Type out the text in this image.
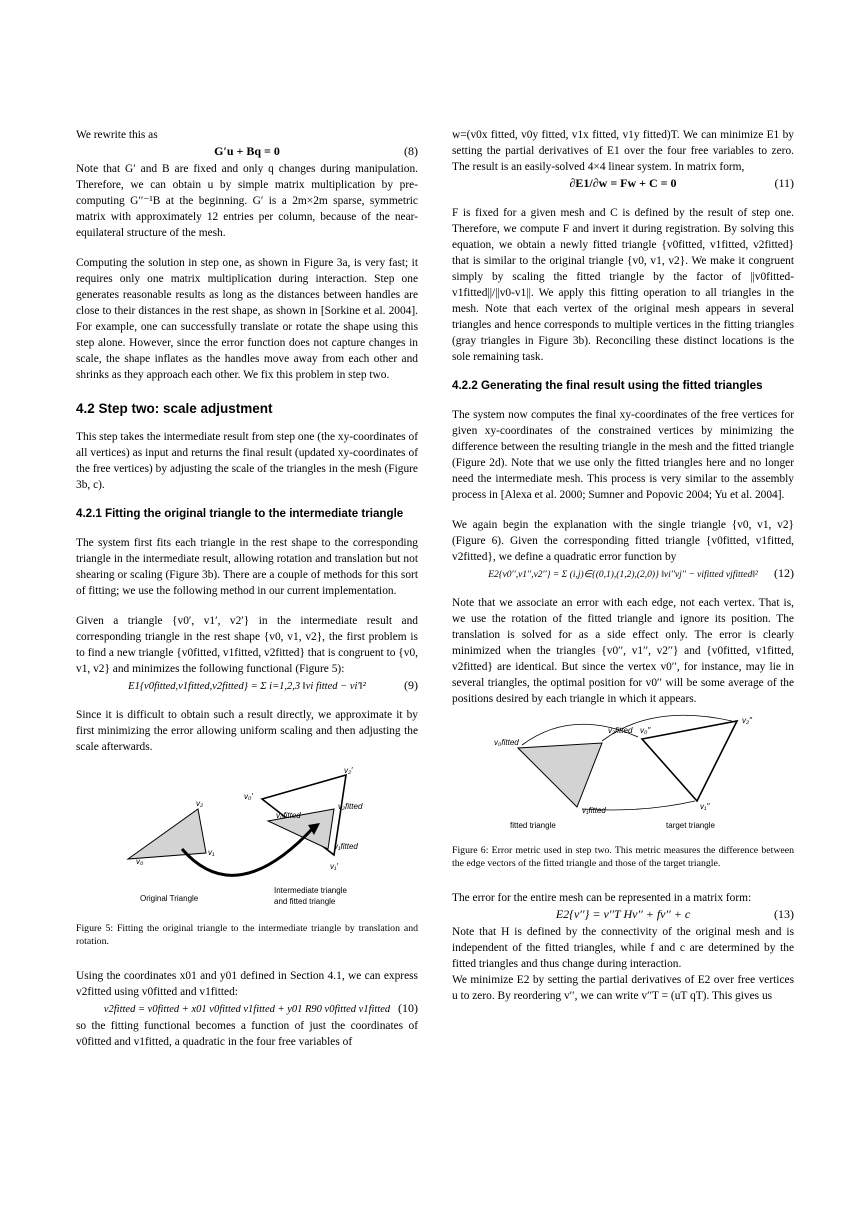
We rewrite this as

G′u + Bq = 0	(8)

Note that G′ and B are fixed and only q changes during manipulation. Therefore, we can obtain u by simple matrix multiplication by pre-computing G′′⁻¹B at the beginning. G′ is a 2m×2m sparse, symmetric matrix with approximately 12 entries per column, because of the near-equilateral structure of the mesh.

Computing the solution in step one, as shown in Figure 3a, is very fast; it requires only one matrix multiplication during interaction. Step one generates reasonable results as long as the distances between handles are close to their distances in the rest shape, as shown in [Sorkine et al. 2004]. For example, one can successfully translate or rotate the shape using this step alone. However, since the error function does not capture changes in scale, the shape inflates as the handles move away from each other and shrinks as they approach each other. We fix this problem in step two.

4.2 Step two: scale adjustment

This step takes the intermediate result from step one (the xy-coordinates of all vertices) as input and returns the final result (updated xy-coordinates of the free vertices) by adjusting the scale of the triangles in the mesh (Figure 3b, c).

4.2.1 Fitting the original triangle to the intermediate triangle

The system first fits each triangle in the rest shape to the corresponding triangle in the intermediate result, allowing rotation and translation but not shearing or scaling (Figure 3b). There are a couple of methods for this sort of fitting; we use the following method in our current implementation.

Given a triangle {v0′, v1′, v2′} in the intermediate result and corresponding triangle in the rest shape {v0, v1, v2}, the first problem is to find a new triangle {v0fitted, v1fitted, v2fitted} that is congruent to {v0, v1, v2} and minimizes the following functional (Figure 5):

E1{v0fitted,v1fitted,v2fitted} = Σ i=1,2,3 ‖vi fitted − vi′‖²	(9)

Since it is difficult to obtain such a result directly, we approximate it by first minimizing the error allowing uniform scaling and then adjusting the scale afterwards.

v₂
v₁
v₀
v₀′
v₂′
v₁′
v₀fitted
v₂fitted
v₁fitted
Original Triangle
Intermediate triangle
and fitted triangle

Figure 5: Fitting the original triangle to the intermediate triangle by translation and rotation.

Using the coordinates x01 and y01 defined in Section 4.1, we can express v2fitted using v0fitted and v1fitted:

v2fitted = v0fitted + x01 v0fitted v1fitted + y01 R90 v0fitted v1fitted (10)

so the fitting functional becomes a function of just the coordinates of v0fitted and v1fitted, a quadratic in the four free variables of

w=(v0x fitted, v0y fitted, v1x fitted, v1y fitted)T. We can minimize E1 by setting the partial derivatives of E1 over the four free variables to zero. The result is an easily-solved 4×4 linear system. In matrix form,

∂E1/∂w = Fw + C = 0	(11)

F is fixed for a given mesh and C is defined by the result of step one. Therefore, we compute F and invert it during registration. By solving this equation, we obtain a newly fitted triangle {v0fitted, v1fitted, v2fitted} that is similar to the original triangle {v0, v1, v2}. We make it congruent simply by scaling the fitted triangle by the factor of ||v0fitted-v1fitted||/||v0-v1||. We apply this fitting operation to all triangles in the mesh. Note that each vertex of the original mesh appears in several triangles and hence corresponds to multiple vertices in the fitting triangles (gray triangles in Figure 3b). Reconciling these distinct locations is the sole remaining task.

4.2.2 Generating the final result using the fitted triangles

The system now computes the final xy-coordinates of the free vertices for given xy-coordinates of the constrained vertices by minimizing the difference between the resulting triangle in the mesh and the fitted triangle (Figure 2d). Note that we use only the fitted triangles here and no longer need the intermediate mesh. This process is very similar to the assembly process in [Alexa et al. 2000; Sumner and Popovic 2004; Yu et al. 2004].

We again begin the explanation with the single triangle {v0, v1, v2} (Figure 6). Given the corresponding fitted triangle {v0fitted, v1fitted, v2fitted}, we define a quadratic error function by

E2{v0′′,v1′′,v2′′} = Σ (i,j)∈{(0,1),(1,2),(2,0)} ‖vi′′vj′′ − vifitted vjfitted‖² (12)

Note that we associate an error with each edge, not each vertex. That is, we use the rotation of the fitted triangle and ignore its position. The translation is solved for as a side effect only. The error is clearly minimized when the triangles {v0′′, v1′′, v2′′} and {v0fitted, v1fitted, v2fitted} are identical. But since the vertex v0′′, for instance, may lie in several triangles, the optimal position for v0′′ will be some average of the positions desired by each triangle in which it appears.

v₀fitted
v₂fitted
v₁fitted
v₀′′
v₂′′
v₁′′
fitted triangle	target triangle

Figure 6: Error metric used in step two. This metric measures the difference between the edge vectors of the fitted triangle and those of the target triangle.

The error for the entire mesh can be represented in a matrix form:

E2{v′′} = v′′T Hv′′ + fv′′ + c	(13)

Note that H is defined by the connectivity of the original mesh and is independent of the fitted triangles, while f and c are determined by the fitted triangles and thus change during interaction.

We minimize E2 by setting the partial derivatives of E2 over free vertices u to zero. By reordering v′′, we can write v′′T = (uT qT). This gives us
